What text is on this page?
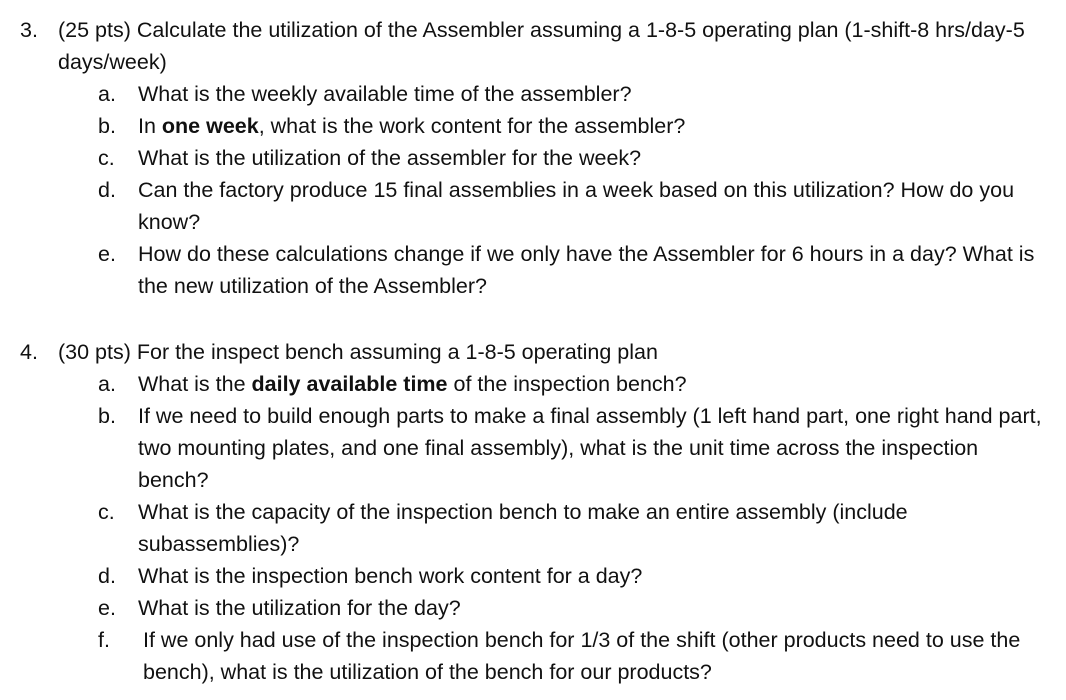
3. (25 pts) Calculate the utilization of the Assembler assuming a 1-8-5 operating plan (1-shift-8 hrs/day-5 days/week)
a. What is the weekly available time of the assembler?
b. In one week, what is the work content for the assembler?
c. What is the utilization of the assembler for the week?
d. Can the factory produce 15 final assemblies in a week based on this utilization? How do you know?
e. How do these calculations change if we only have the Assembler for 6 hours in a day? What is the new utilization of the Assembler?
4. (30 pts) For the inspect bench assuming a 1-8-5 operating plan
a. What is the daily available time of the inspection bench?
b. If we need to build enough parts to make a final assembly (1 left hand part, one right hand part, two mounting plates, and one final assembly), what is the unit time across the inspection bench?
c. What is the capacity of the inspection bench to make an entire assembly (include subassemblies)?
d. What is the inspection bench work content for a day?
e. What is the utilization for the day?
f. If we only had use of the inspection bench for 1/3 of the shift (other products need to use the bench), what is the utilization of the bench for our products?
